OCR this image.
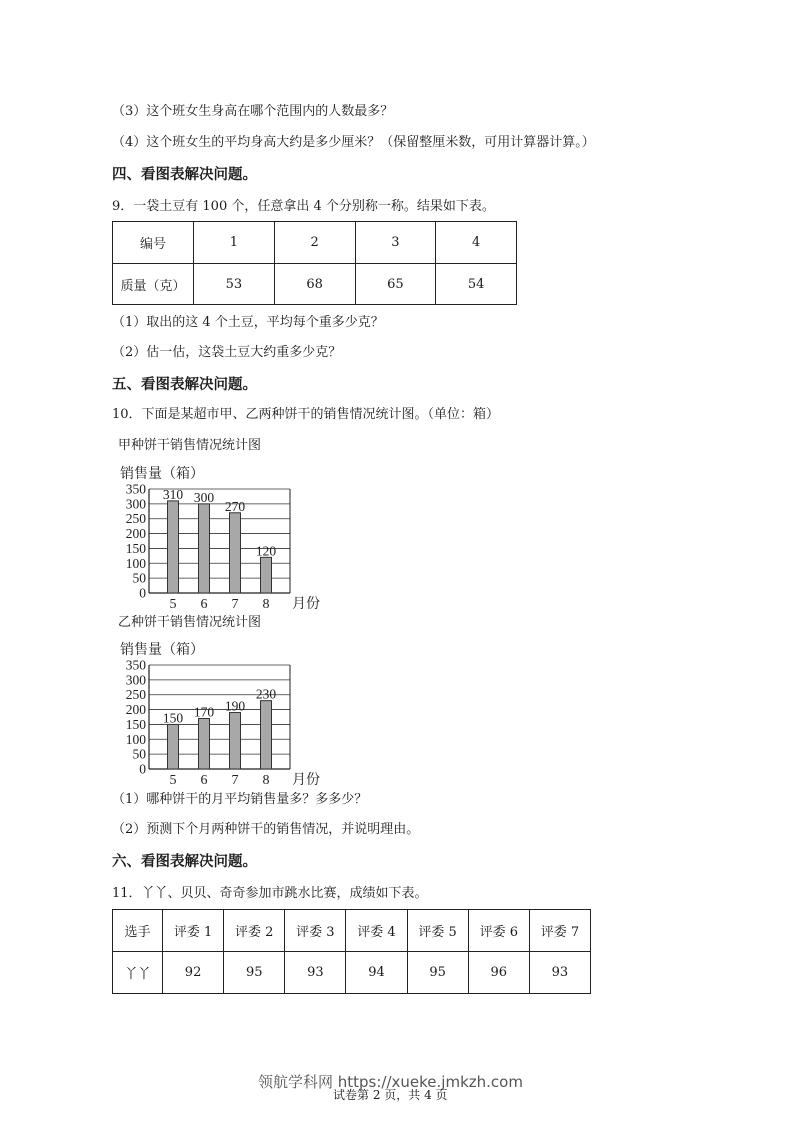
（3）这个班女生身高在哪个范围内的人数最多？
（4）这个班女生的平均身高大约是多少厘米？（保留整厘米数，可用计算器计算。）
四、看图表解决问题。
9．一袋土豆有 100 个，任意拿出 4 个分别称一称。结果如下表。
编号	1	2	3	4
质量（克）	53	68	65	54
（1）取出的这 4 个土豆，平均每个重多少克？
（2）估一估，这袋土豆大约重多少克？
五、看图表解决问题。
10．下面是某超市甲、乙两种饼干的销售情况统计图。（单位：箱）
甲种饼干销售情况统计图
销售量（箱）
0
50
100
150
200
250
300
350 310
5
300
6
270
7
120
8 月份
乙种饼干销售情况统计图
销售量（箱）
0
50
100
150
200
250
300
350
150
5
170
6
190
7
230
8 月份
（1）哪种饼干的月平均销售量多？多多少？
（2）预测下个月两种饼干的销售情况，并说明理由。
六、看图表解决问题。
11．丫丫、贝贝、奇奇参加市跳水比赛，成绩如下表。
选手	评委 1	评委 2	评委 3	评委 4	评委 5	评委 6	评委 7
丫丫	92	95	93	94	95	96	93
领航学科网 https://xueke.jmkzh.com
试卷第 2 页，共 4 页
